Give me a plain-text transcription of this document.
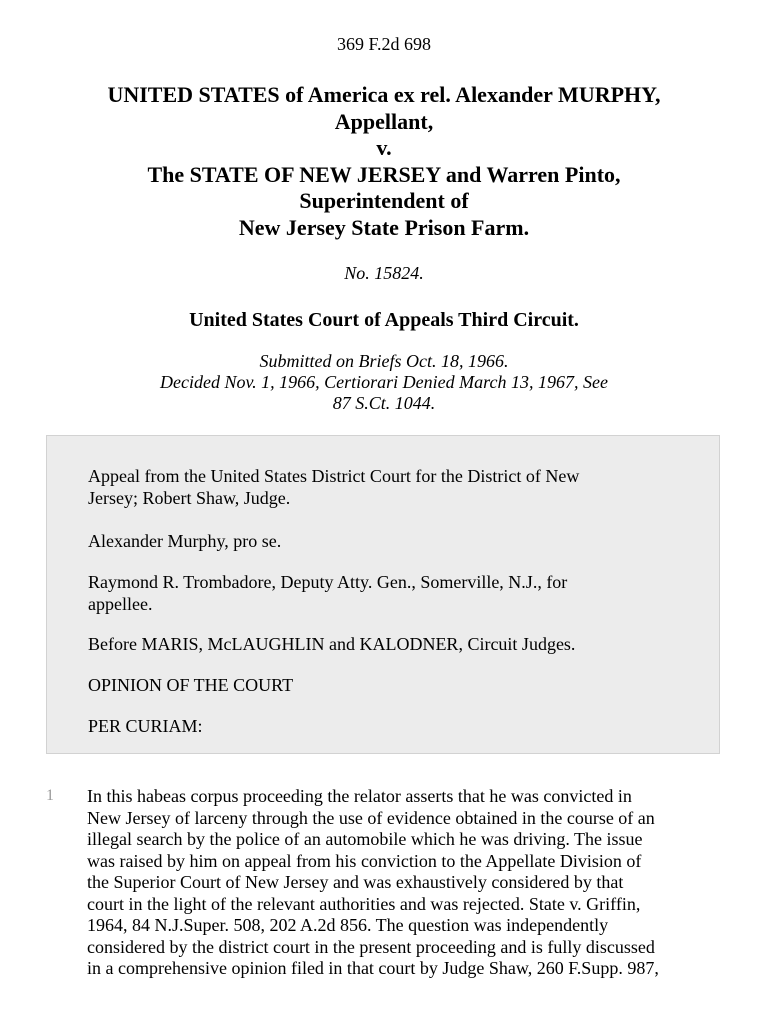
369 F.2d 698
UNITED STATES of America ex rel. Alexander MURPHY,
Appellant,
v.
The STATE OF NEW JERSEY and Warren Pinto,
Superintendent of
New Jersey State Prison Farm.
No. 15824.
United States Court of Appeals Third Circuit.
Submitted on Briefs Oct. 18, 1966.
Decided Nov. 1, 1966, Certiorari Denied March 13, 1967, See
87 S.Ct. 1044.
Appeal from the United States District Court for the District of New
Jersey; Robert Shaw, Judge.
Alexander Murphy, pro se.
Raymond R. Trombadore, Deputy Atty. Gen., Somerville, N.J., for
appellee.
Before MARIS, McLAUGHLIN and KALODNER, Circuit Judges.
OPINION OF THE COURT
PER CURIAM:
1 In this habeas corpus proceeding the relator asserts that he was convicted in
New Jersey of larceny through the use of evidence obtained in the course of an
illegal search by the police of an automobile which he was driving. The issue
was raised by him on appeal from his conviction to the Appellate Division of
the Superior Court of New Jersey and was exhaustively considered by that
court in the light of the relevant authorities and was rejected. State v. Griffin,
1964, 84 N.J.Super. 508, 202 A.2d 856. The question was independently
considered by the district court in the present proceeding and is fully discussed
in a comprehensive opinion filed in that court by Judge Shaw, 260 F.Supp. 987,
